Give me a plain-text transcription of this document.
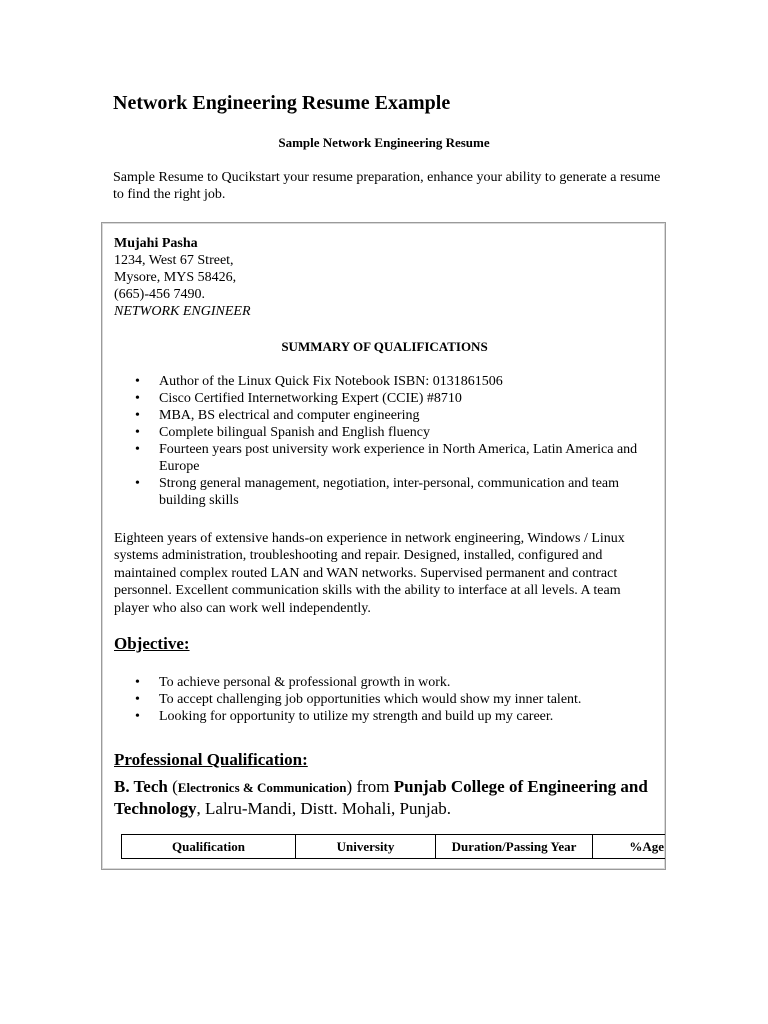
Network Engineering Resume Example
Sample Network Engineering Resume
Sample Resume to Qucikstart your resume preparation, enhance your ability to generate a resume to find the right job.
Mujahi Pasha
1234, West 67 Street,
Mysore, MYS 58426,
(665)-456 7490.
NETWORK ENGINEER
SUMMARY OF QUALIFICATIONS
• Author of the Linux Quick Fix Notebook ISBN: 0131861506
• Cisco Certified Internetworking Expert (CCIE) #8710
• MBA, BS electrical and computer engineering
• Complete bilingual Spanish and English fluency
• Fourteen years post university work experience in North America, Latin America and Europe
• Strong general management, negotiation, inter-personal, communication and team building skills
Eighteen years of extensive hands-on experience in network engineering, Windows / Linux systems administration, troubleshooting and repair. Designed, installed, configured and maintained complex routed LAN and WAN networks. Supervised permanent and contract personnel. Excellent communication skills with the ability to interface at all levels. A team player who also can work well independently.
Objective:
• To achieve personal & professional growth in work.
• To accept challenging job opportunities which would show my inner talent.
• Looking for opportunity to utilize my strength and build up my career.
Professional Qualification:
B. Tech (Electronics & Communication) from Punjab College of Engineering and Technology, Lalru-Mandi, Distt. Mohali, Punjab.
Qualification	University	Duration/Passing Year	%Age
